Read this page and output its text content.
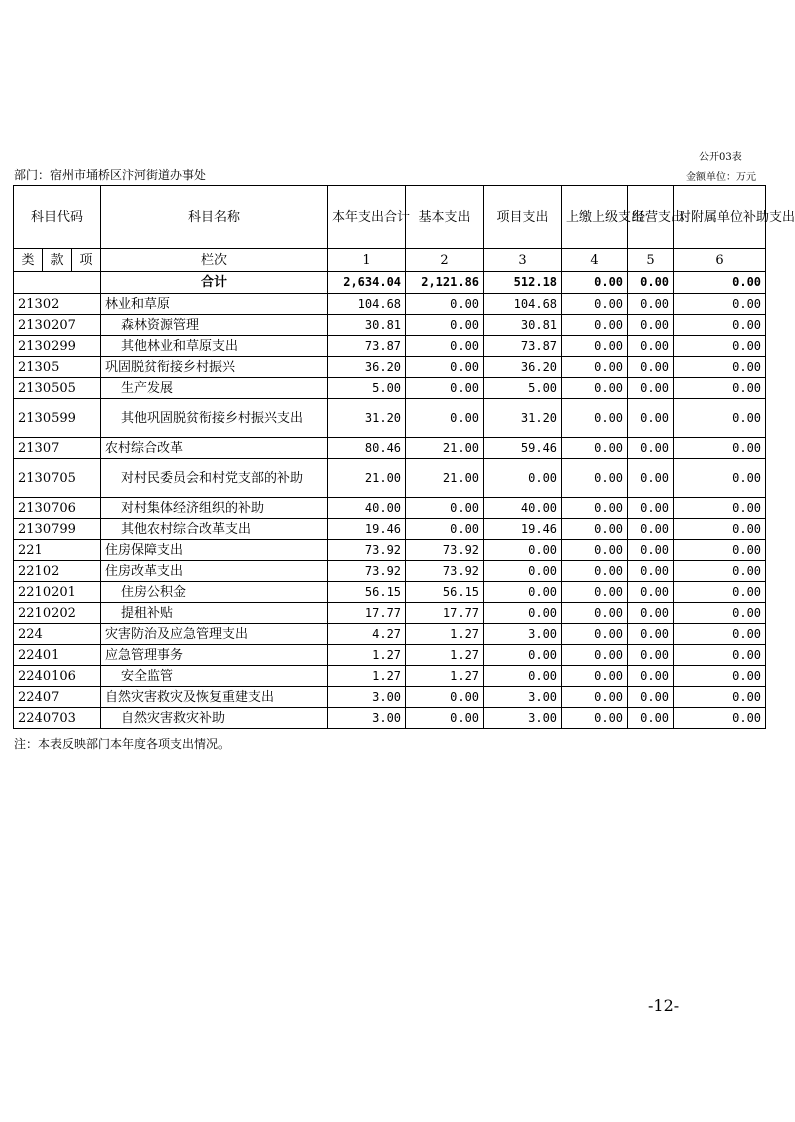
公开03表
部门：宿州市埇桥区汴河街道办事处	金额单位：万元
科目代码			科目名称	本年支出合计	基本支出	项目支出	上缴上级支出	经营支出	对附属单位补助支出
类	款	项	栏次	1	2	3	4	5	6
			合计	2,634.04	2,121.86	512.18	0.00	0.00	0.00
21302			林业和草原	104.68	0.00	104.68	0.00	0.00	0.00
2130207			森林资源管理	30.81	0.00	30.81	0.00	0.00	0.00
2130299			其他林业和草原支出	73.87	0.00	73.87	0.00	0.00	0.00
21305			巩固脱贫衔接乡村振兴	36.20	0.00	36.20	0.00	0.00	0.00
2130505			生产发展	5.00	0.00	5.00	0.00	0.00	0.00
2130599			其他巩固脱贫衔接乡村振兴支出	31.20	0.00	31.20	0.00	0.00	0.00
21307			农村综合改革	80.46	21.00	59.46	0.00	0.00	0.00
2130705			对村民委员会和村党支部的补助	21.00	21.00	0.00	0.00	0.00	0.00
2130706			对村集体经济组织的补助	40.00	0.00	40.00	0.00	0.00	0.00
2130799			其他农村综合改革支出	19.46	0.00	19.46	0.00	0.00	0.00
221			住房保障支出	73.92	73.92	0.00	0.00	0.00	0.00
22102			住房改革支出	73.92	73.92	0.00	0.00	0.00	0.00
2210201			住房公积金	56.15	56.15	0.00	0.00	0.00	0.00
2210202			提租补贴	17.77	17.77	0.00	0.00	0.00	0.00
224			灾害防治及应急管理支出	4.27	1.27	3.00	0.00	0.00	0.00
22401			应急管理事务	1.27	1.27	0.00	0.00	0.00	0.00
2240106			安全监管	1.27	1.27	0.00	0.00	0.00	0.00
22407			自然灾害救灾及恢复重建支出	3.00	0.00	3.00	0.00	0.00	0.00
2240703			自然灾害救灾补助	3.00	0.00	3.00	0.00	0.00	0.00
注：本表反映部门本年度各项支出情况。
-12-
